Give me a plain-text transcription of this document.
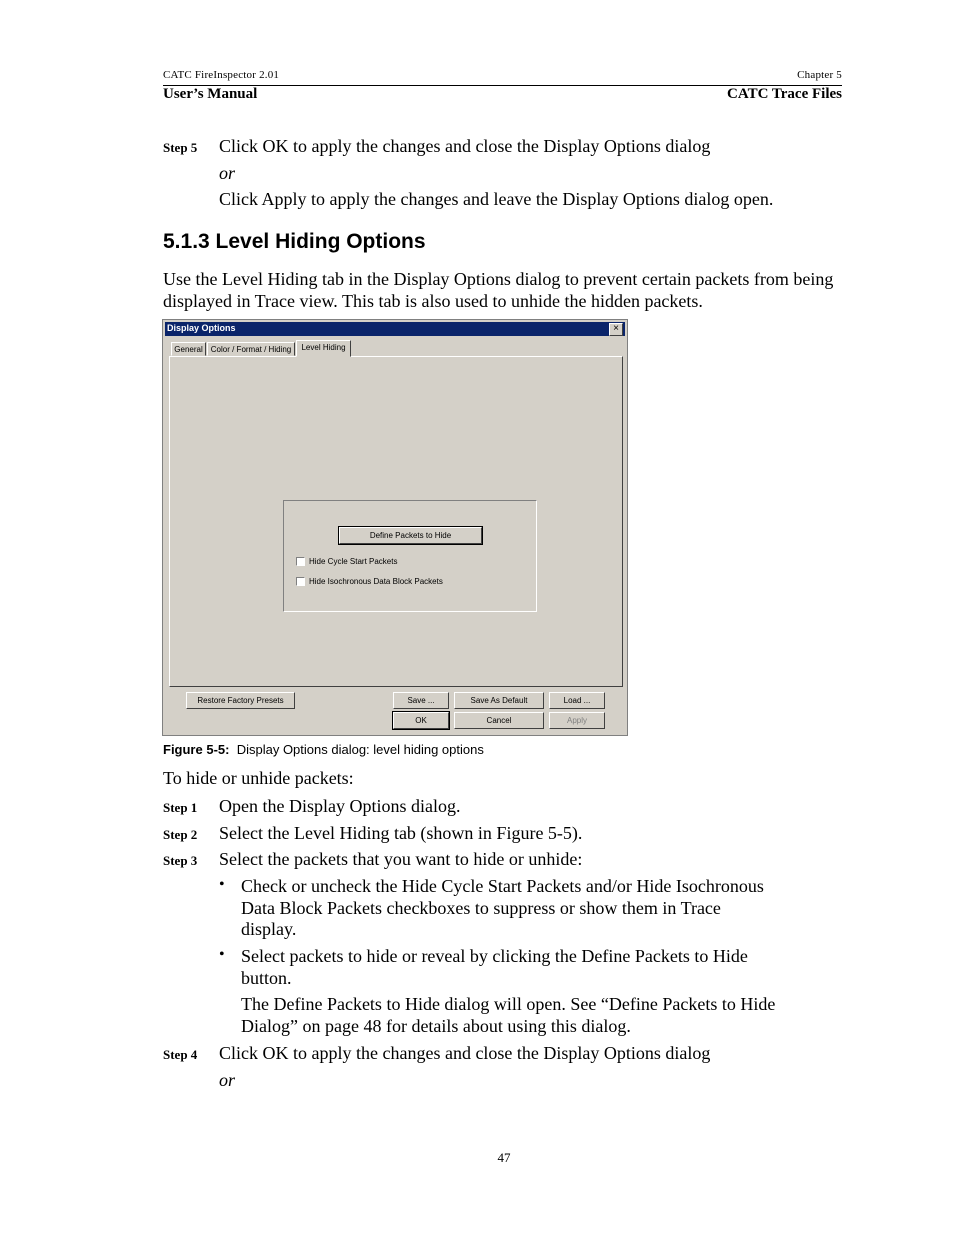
CATC FireInspector 2.01	Chapter 5
User’s Manual	CATC Trace Files
Step 5 Click OK to apply the changes and close the Display Options dialog
or
Click Apply to apply the changes and leave the Display Options dialog open.
5.1.3 Level Hiding Options
Use the Level Hiding tab in the Display Options dialog to prevent certain packets from being
displayed in Trace view. This tab is also used to unhide the hidden packets.
Display Options	×
General	Color / Format / Hiding	Level Hiding
Define Packets to Hide
Hide Cycle Start Packets
Hide Isochronous Data Block Packets
Restore Factory Presets	Save ...	Save As Default	Load ...
OK	Cancel	Apply
Figure 5-5: Display Options dialog: level hiding options
To hide or unhide packets:
Step 1 Open the Display Options dialog.
Step 2 Select the Level Hiding tab (shown in Figure 5-5).
Step 3 Select the packets that you want to hide or unhide:
• Check or uncheck the Hide Cycle Start Packets and/or Hide Isochronous
Data Block Packets checkboxes to suppress or show them in Trace
display.
• Select packets to hide or reveal by clicking the Define Packets to Hide
button.
The Define Packets to Hide dialog will open. See “Define Packets to Hide
Dialog” on page 48 for details about using this dialog.
Step 4 Click OK to apply the changes and close the Display Options dialog
or
47
